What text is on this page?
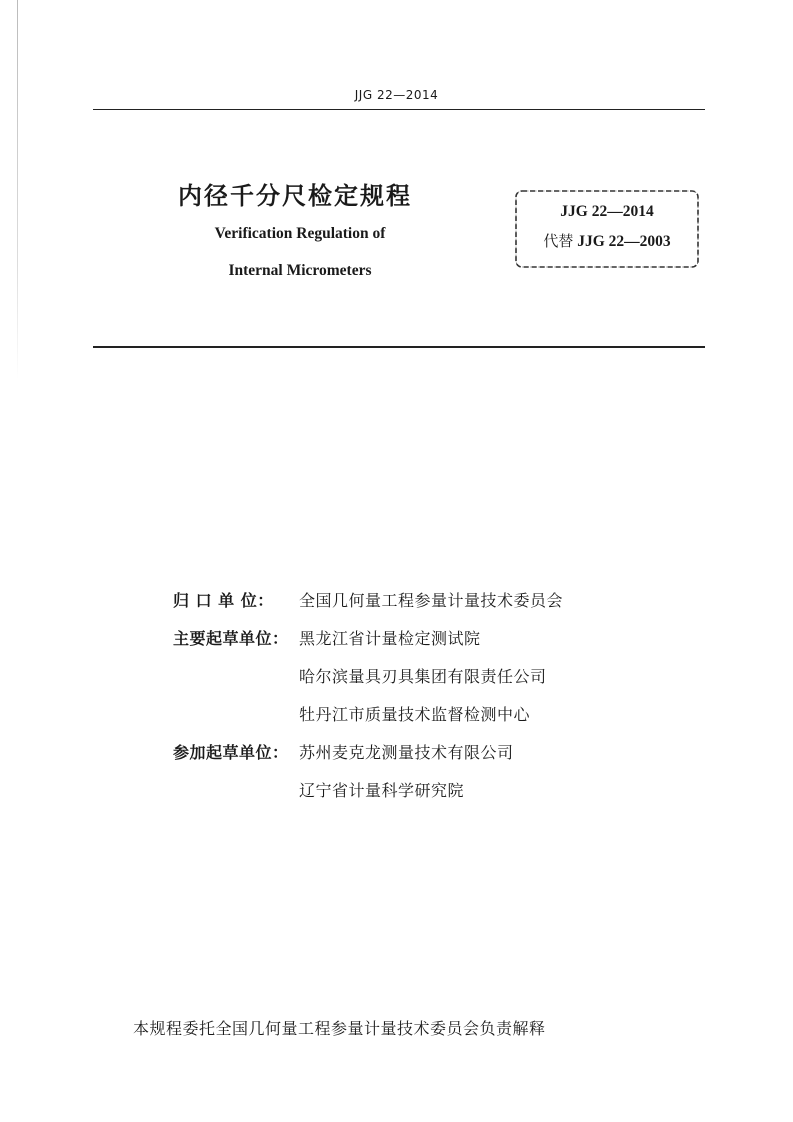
JJG 22—2014
内径千分尺检定规程
Verification Regulation of
Internal Micrometers
JJG 22—2014
代替 JJG 22—2003
归 口 单 位：	全国几何量工程参量计量技术委员会
主要起草单位： 黑龙江省计量检定测试院
哈尔滨量具刃具集团有限责任公司
牡丹江市质量技术监督检测中心
参加起草单位： 苏州麦克龙测量技术有限公司
辽宁省计量科学研究院
本规程委托全国几何量工程参量计量技术委员会负责解释
